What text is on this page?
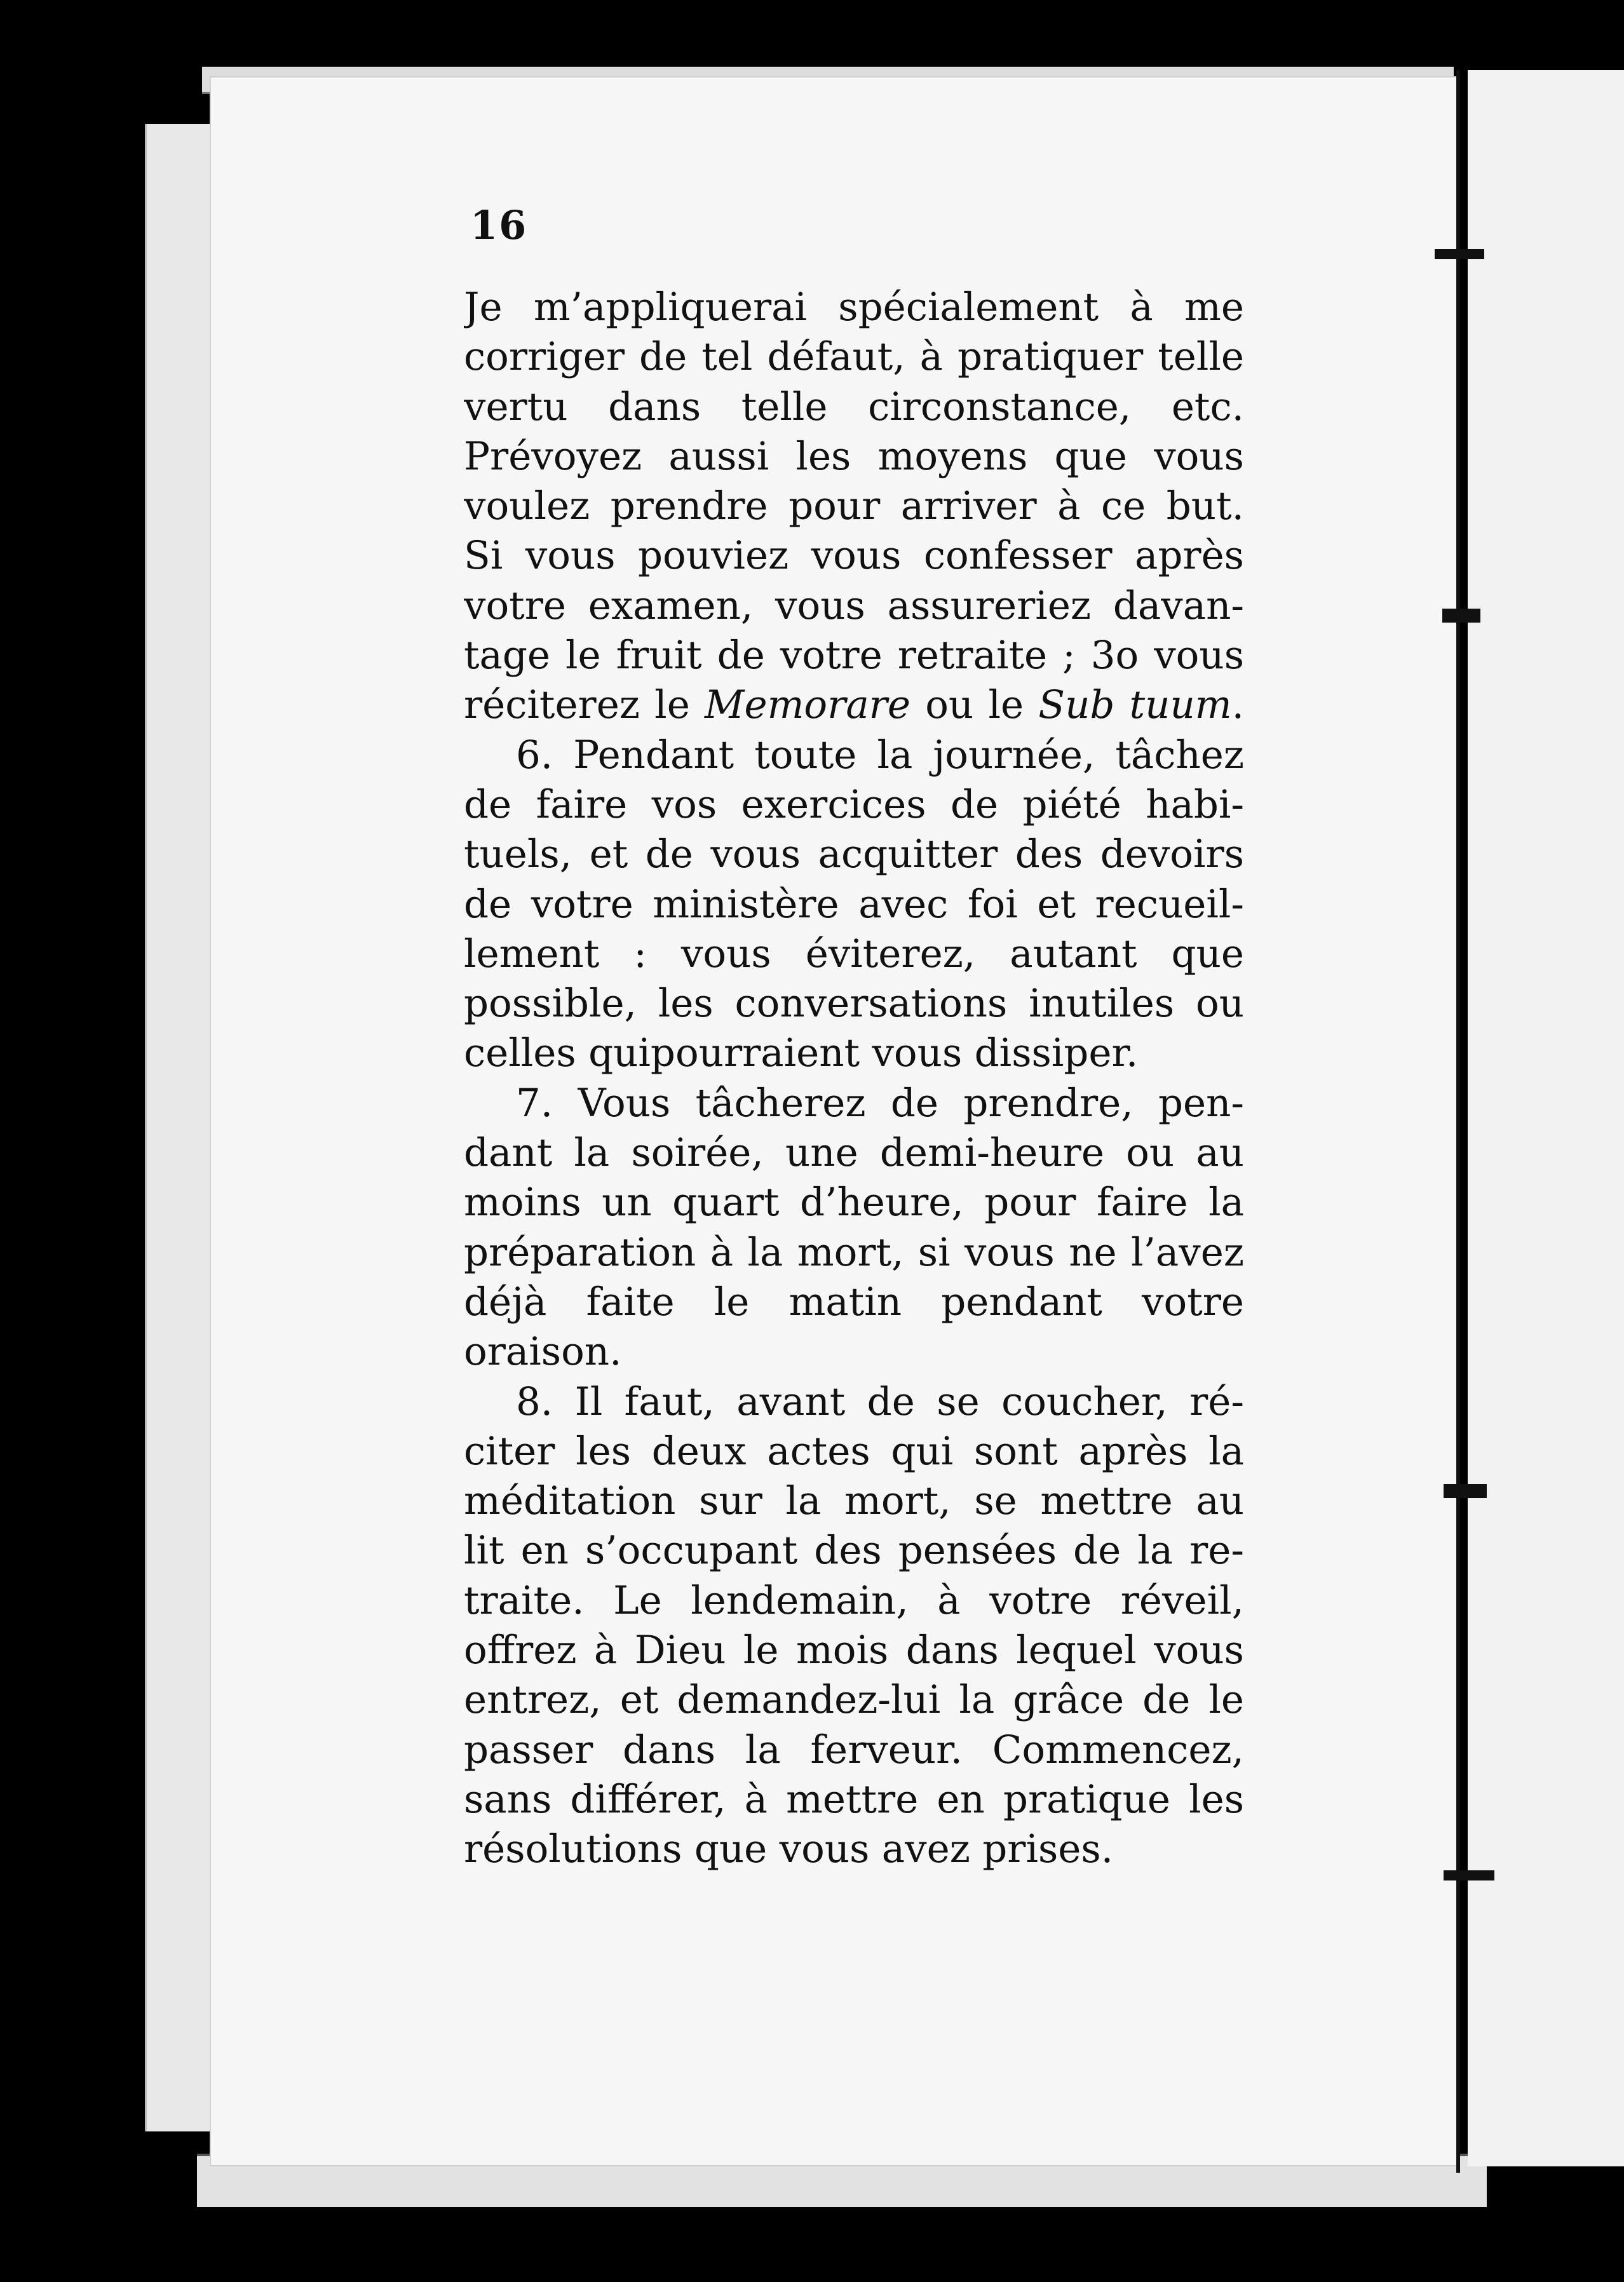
16
Je m’appliquerai spécialement à me
corriger de tel défaut, à pratiquer telle
vertu dans telle circonstance, etc.
Prévoyez aussi les moyens que vous
voulez prendre pour arriver à ce but.
Si vous pouviez vous confesser après
votre examen, vous assureriez davan-
tage le fruit de votre retraite ; 3o vous
réciterez le Memorare ou le Sub tuum.
6. Pendant toute la journée, tâchez
de faire vos exercices de piété habi-
tuels, et de vous acquitter des devoirs
de votre ministère avec foi et recueil-
lement : vous éviterez, autant que
possible, les conversations inutiles ou
celles quipourraient vous dissiper.
7. Vous tâcherez de prendre, pen-
dant la soirée, une demi-heure ou au
moins un quart d’heure, pour faire la
préparation à la mort, si vous ne l’avez
déjà faite le matin pendant votre
oraison.
8. Il faut, avant de se coucher, ré-
citer les deux actes qui sont après la
méditation sur la mort, se mettre au
lit en s’occupant des pensées de la re-
traite. Le lendemain, à votre réveil,
offrez à Dieu le mois dans lequel vous
entrez, et demandez-lui la grâce de le
passer dans la ferveur. Commencez,
sans différer, à mettre en pratique les
résolutions que vous avez prises.
